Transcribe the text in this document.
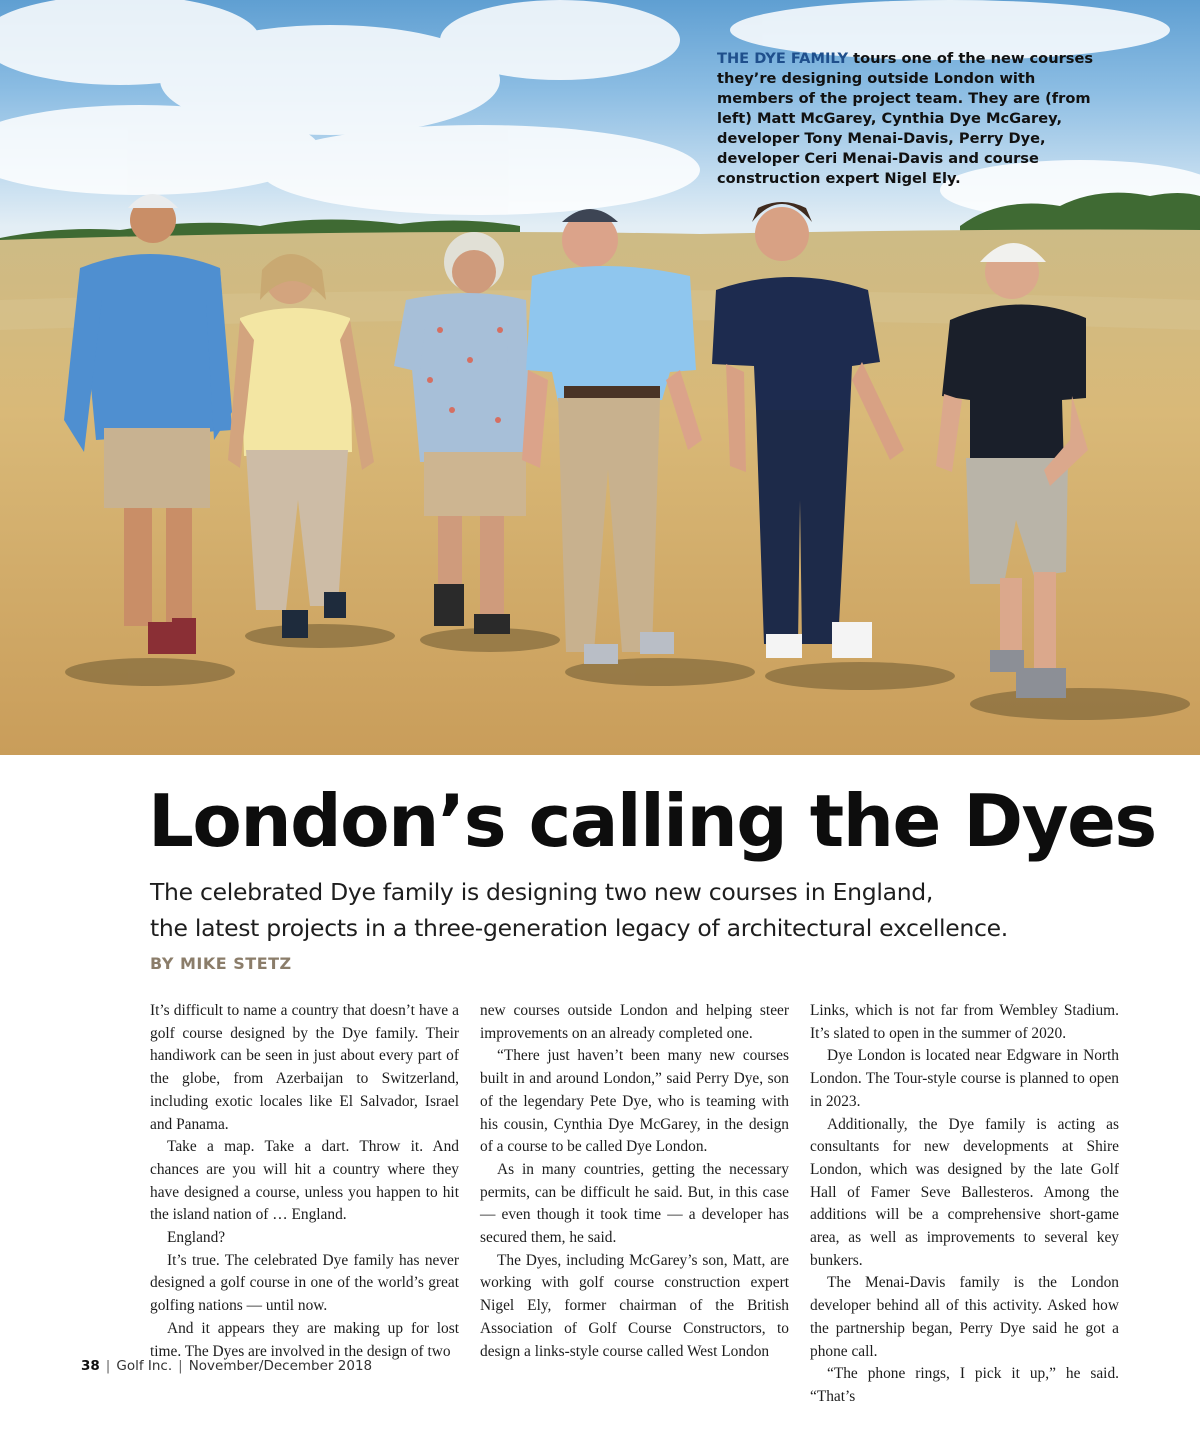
THE DYE FAMILY tours one of the new courses they’re designing outside London with members of the project team. They are (from left) Matt McGarey, Cynthia Dye McGarey, developer Tony Menai-Davis, Perry Dye, developer Ceri Menai-Davis and course construction expert Nigel Ely.

London’s calling the Dyes
The celebrated Dye family is designing two new courses in England,
the latest projects in a three-generation legacy of architectural excellence.
BY MIKE STETZ

It’s difficult to name a country that doesn’t have a golf course designed by the Dye family. Their handiwork can be seen in just about every part of the globe, from Azerbaijan to Switzerland, including exotic locales like El Salvador, Israel and Panama.

Take a map. Take a dart. Throw it. And chances are you will hit a country where they have designed a course, unless you happen to hit the island nation of … England.

England?

It’s true. The celebrated Dye family has never designed a golf course in one of the world’s great golfing nations — until now.

And it appears they are making up for lost time. The Dyes are involved in the design of two

new courses outside London and helping steer improvements on an already completed one.

“There just haven’t been many new courses built in and around London,” said Perry Dye, son of the legendary Pete Dye, who is teaming with his cousin, Cynthia Dye McGarey, in the design of a course to be called Dye London.

As in many countries, getting the necessary permits, can be difficult he said. But, in this case — even though it took time — a developer has secured them, he said.

The Dyes, including McGarey’s son, Matt, are working with golf course construction expert Nigel Ely, former chairman of the British Association of Golf Course Constructors, to design a links-style course called West London

Links, which is not far from Wembley Stadium. It’s slated to open in the summer of 2020.

Dye London is located near Edgware in North London. The Tour-style course is planned to open in 2023.

Additionally, the Dye family is acting as consultants for new developments at Shire London, which was designed by the late Golf Hall of Famer Seve Ballesteros. Among the additions will be a comprehensive short-game area, as well as improvements to several key bunkers.

The Menai-Davis family is the London developer behind all of this activity. Asked how the partnership began, Perry Dye said he got a phone call.

“The phone rings, I pick it up,” he said. “That’s

38 | Golf Inc. | November/December 2018
